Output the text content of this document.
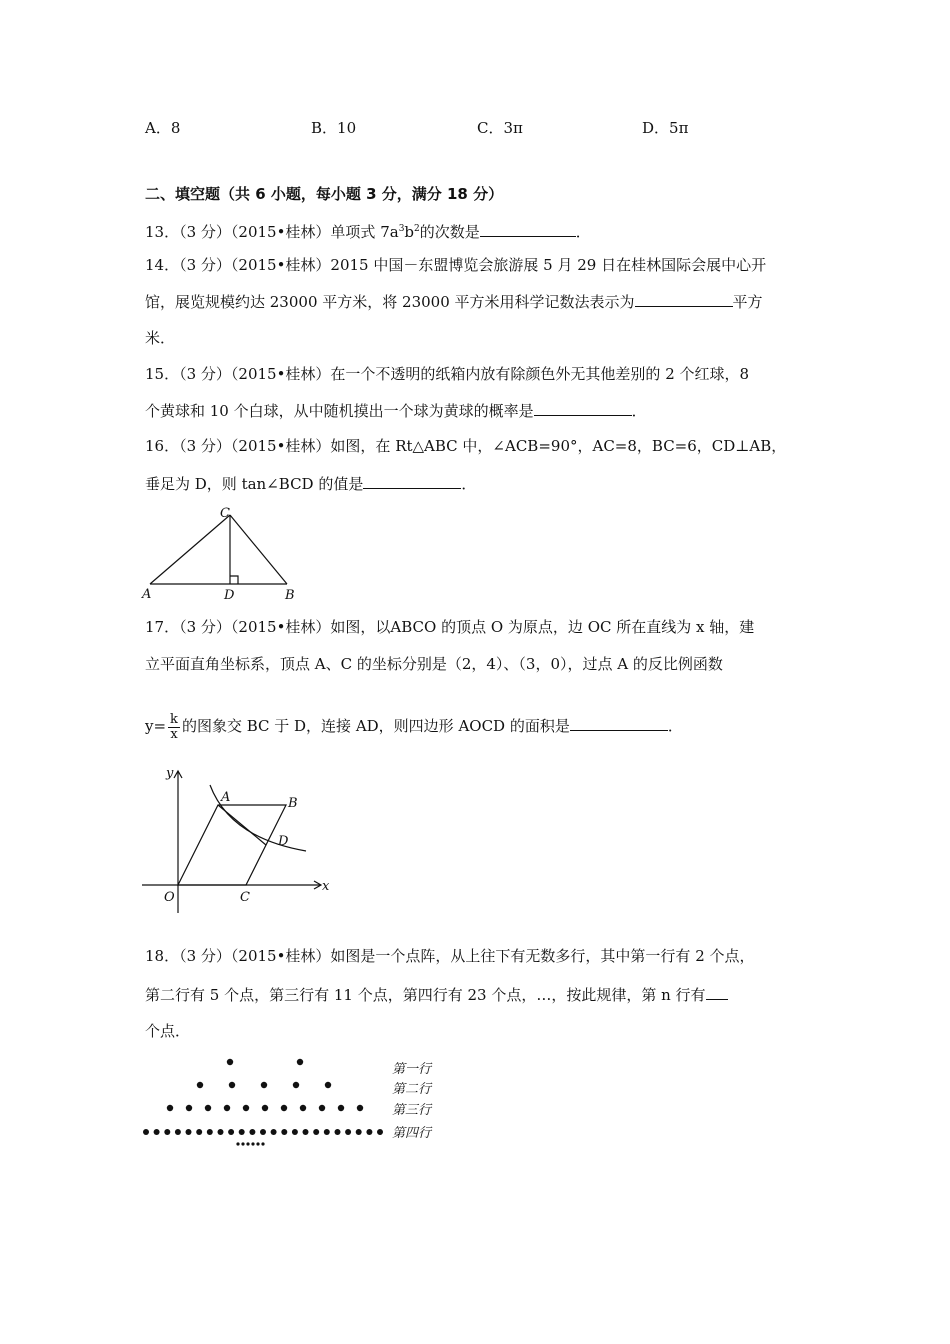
A．8	B．10	C．3π	D．5π
二、填空题（共 6 小题，每小题 3 分，满分 18 分）
13．（3 分）（2015•桂林）单项式 $7a^3b^2$的次数是	．
14．（3 分）（2015•桂林）2015 中国－东盟博览会旅游展 5 月 29 日在桂林国际会展中心开
馆，展览规模约达 23000 平方米，将 23000 平方米用科学记数法表示为	平方
米．
15．（3 分）（2015•桂林）在一个不透明的纸箱内放有除颜色外无其他差别的 2 个红球，8
个黄球和 10 个白球，从中随机摸出一个球为黄球的概率是	．
16．（3 分）（2015•桂林）如图，在 Rt△ABC 中，∠ACB=90°，AC=8，BC=6，CD⊥AB，
垂足为 D，则 tan∠BCD 的值是	．
A	D	B
C
17．（3 分）（2015•桂林）如图，以ABCO 的顶点 O 为原点，边 OC 所在直线为 x 轴，建
立平面直角坐标系，顶点 A、C 的坐标分别是（2，4）、（3，0），过点 A 的反比例函数
$y= \frac{k}{x}$ 的图象交 BC 于 D，连接 AD，则四边形 AOCD 的面积是	．
y
x
O
A	B
C
D
18．（3 分）（2015•桂林）如图是一个点阵，从上往下有无数多行，其中第一行有 2 个点，
第二行有 5 个点，第三行有 11 个点，第四行有 23 个点，…，按此规律，第 n 行有
个点．
第一行
第二行
第三行
第四行
